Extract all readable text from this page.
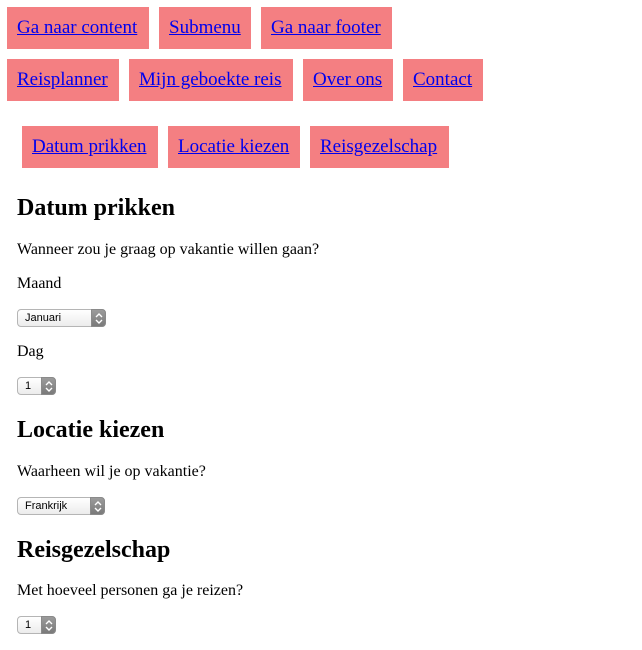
Ga naar content	Submenu	Ga naar footer
Reisplanner	Mijn geboekte reis	Over ons	Contact
Datum prikken	Locatie kiezen	Reisgezelschap
Datum prikken

Wanneer zou je graag op vakantie willen gaan?

Maand

Januari

Dag

1
Locatie kiezen

Waarheen wil je op vakantie?

Frankrijk
Reisgezelschap

Met hoeveel personen ga je reizen?

1
